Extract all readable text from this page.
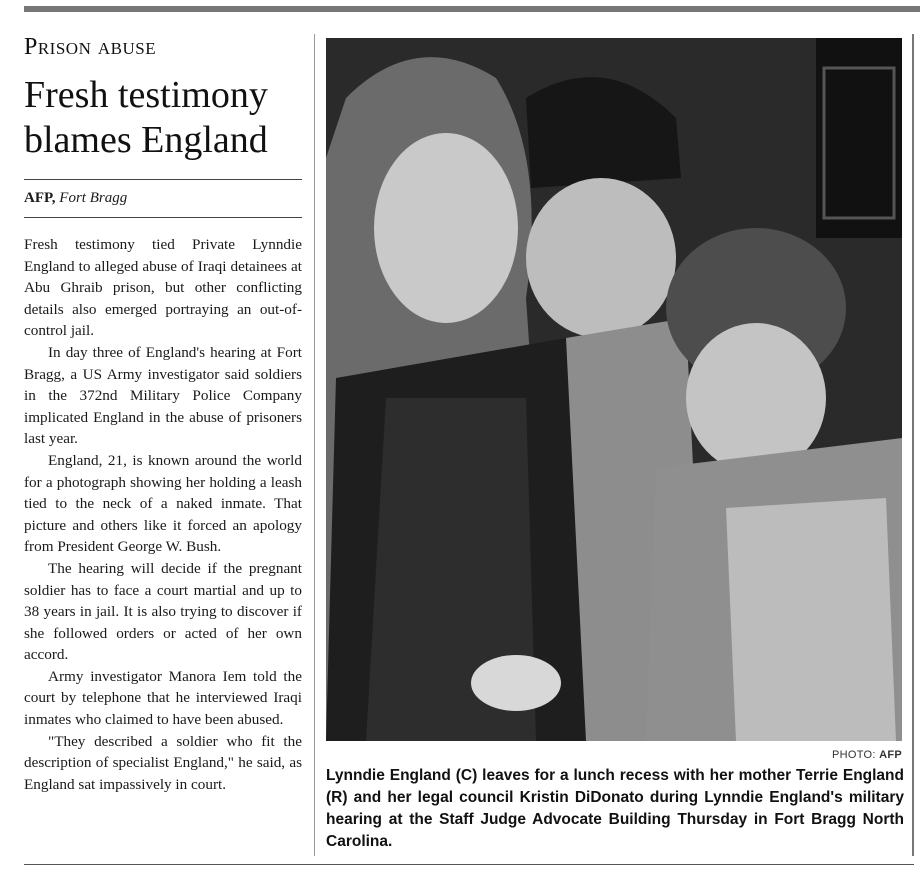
Prison abuse
Fresh testimony blames England

AFP, Fort Bragg

Fresh testimony tied Private Lynndie England to alleged abuse of Iraqi detainees at Abu Ghraib prison, but other conflicting details also emerged portraying an out-of-control jail.

In day three of England's hearing at Fort Bragg, a US Army investigator said soldiers in the 372nd Military Police Company implicated England in the abuse of prisoners last year.

England, 21, is known around the world for a photograph showing her holding a leash tied to the neck of a naked inmate. That picture and others like it forced an apology from President George W. Bush.

The hearing will decide if the pregnant soldier has to face a court martial and up to 38 years in jail. It is also trying to discover if she followed orders or acted of her own accord.

Army investigator Manora Iem told the court by telephone that he interviewed Iraqi inmates who claimed to have been abused.

"They described a soldier who fit the description of specialist England," he said, as England sat impassively in court.

PHOTO: AFP

Lynndie England (C) leaves for a lunch recess with her mother Terrie England (R) and her legal council Kristin DiDonato during Lynndie England's military hearing at the Staff Judge Advocate Building Thursday in Fort Bragg North Carolina.
